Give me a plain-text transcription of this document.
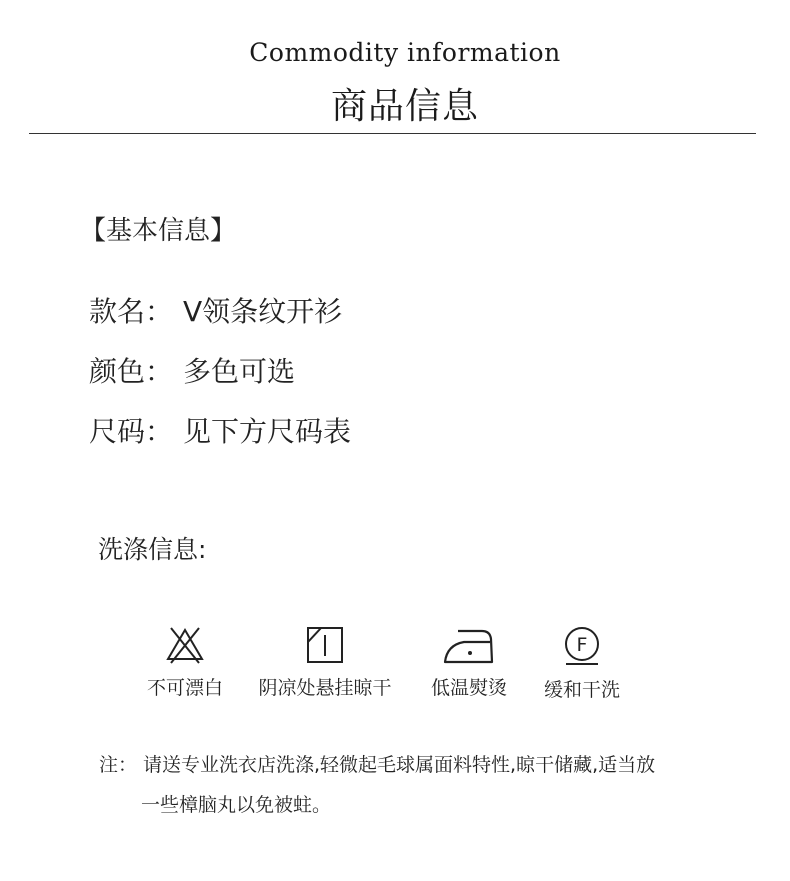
Commodity information
商品信息
【基本信息】
款名： V领条纹开衫
颜色： 多色可选
尺码： 见下方尺码表
洗涤信息:
不可漂白	阴凉处悬挂晾干	低温熨烫
F
缓和干洗
注： 请送专业洗衣店洗涤,轻微起毛球属面料特性,晾干储藏,适当放
一些樟脑丸以免被蛀。
